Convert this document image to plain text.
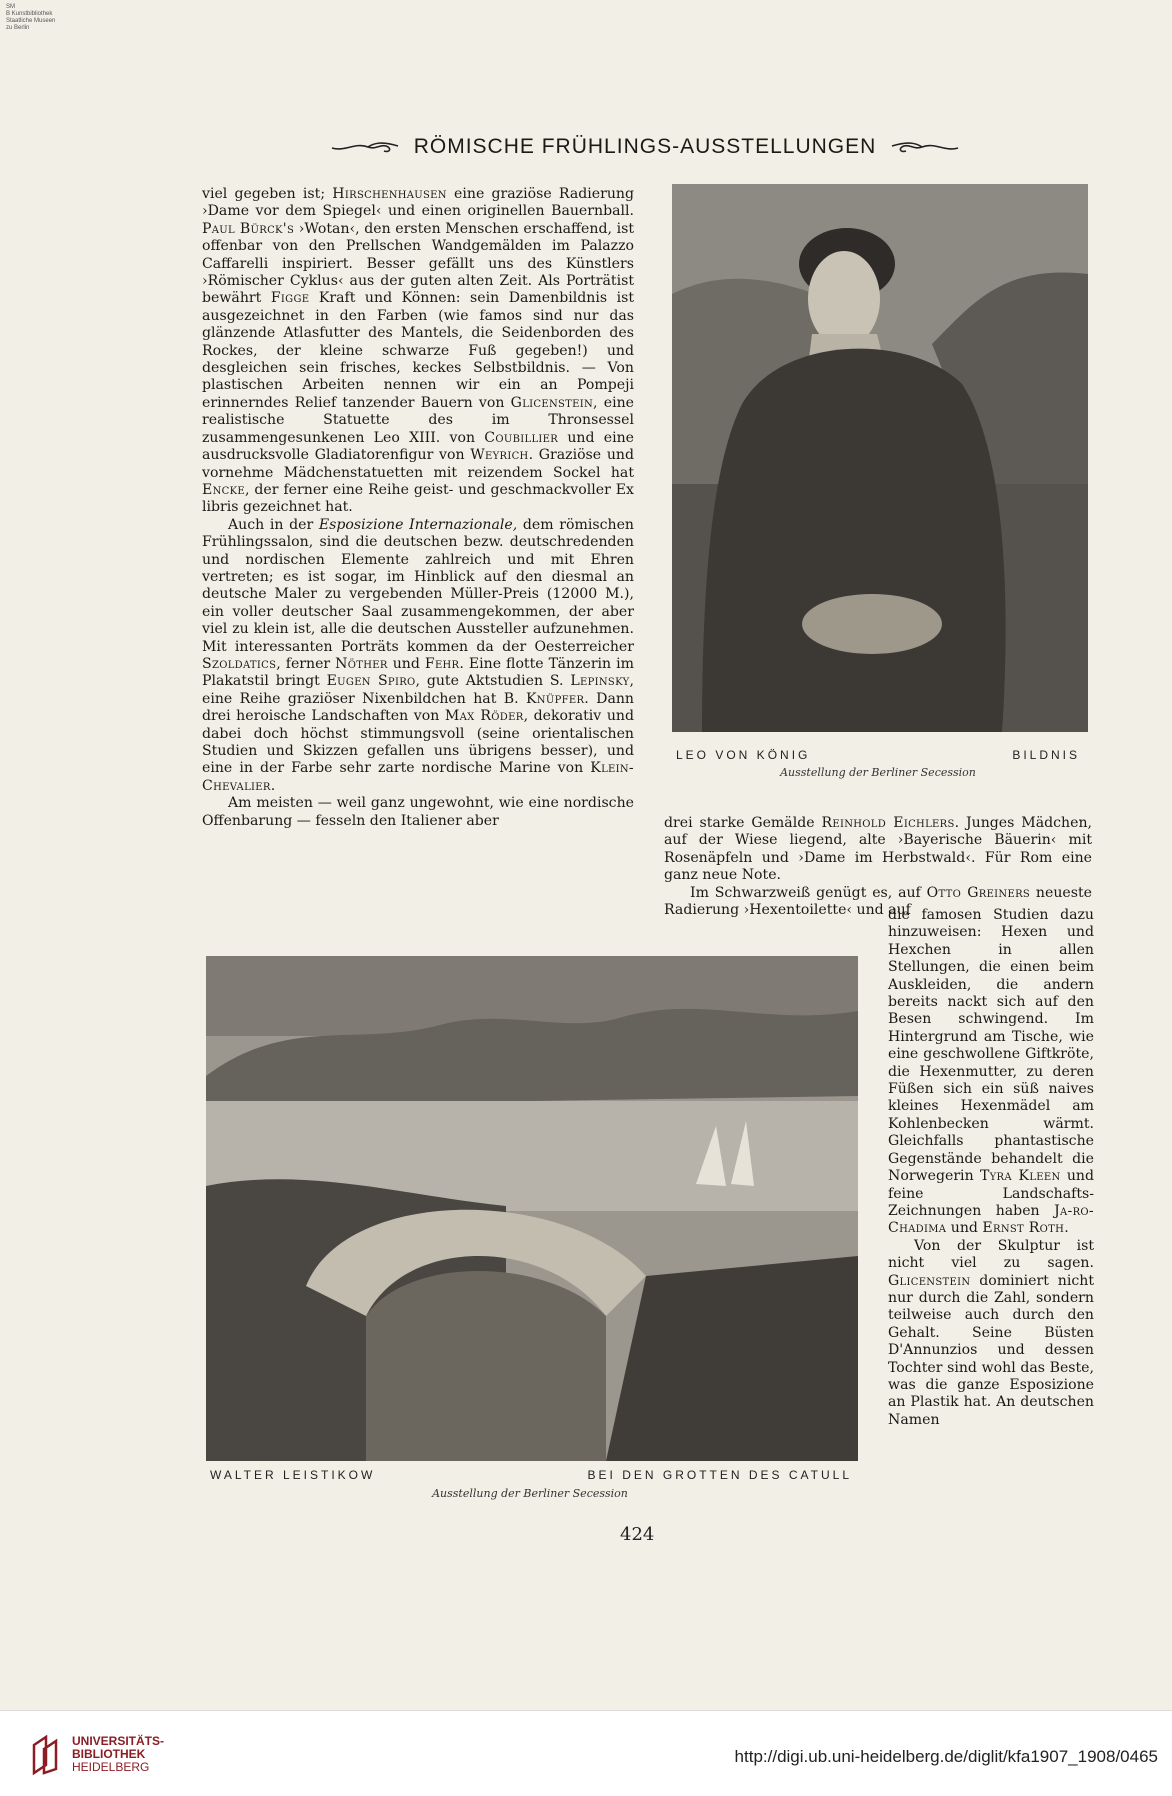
SM
B Kunstbibliothek
Staatliche Museen
zu Berlin
RÖMISCHE FRÜHLINGS-AUSSTELLUNGEN

viel gegeben ist; Hirschenhausen eine graziöse Radierung ›Dame vor dem Spiegel‹ und einen originellen Bauernball. Paul Bürck's ›Wotan‹, den ersten Menschen erschaffend, ist offenbar von den Prellschen Wandgemälden im Palazzo Caffarelli inspiriert. Besser gefällt uns des Künstlers ›Römischer Cyklus‹ aus der guten alten Zeit. Als Porträtist bewährt Figge Kraft und Können: sein Damenbildnis ist ausgezeichnet in den Farben (wie famos sind nur das glänzende Atlasfutter des Mantels, die Seidenborden des Rockes, der kleine schwarze Fuß gegeben!) und desgleichen sein frisches, keckes Selbstbildnis. — Von plastischen Arbeiten nennen wir ein an Pompeji erinnerndes Relief tanzender Bauern von Glicenstein, eine realistische Statuette des im Thronsessel zusammengesunkenen Leo XIII. von Coubillier und eine ausdrucksvolle Gladiatorenfigur von Weyrich. Graziöse und vornehme Mädchenstatuetten mit reizendem Sockel hat Encke, der ferner eine Reihe geist- und geschmackvoller Ex libris gezeichnet hat.

Auch in der Esposizione Internazionale, dem römischen Frühlingssalon, sind die deutschen bezw. deutschredenden und nordischen Elemente zahlreich und mit Ehren vertreten; es ist sogar, im Hinblick auf den diesmal an deutsche Maler zu vergebenden Müller-Preis (12000 M.), ein voller deutscher Saal zusammengekommen, der aber viel zu klein ist, alle die deutschen Aussteller aufzunehmen. Mit interessanten Porträts kommen da der Oesterreicher Szoldatics, ferner Nöther und Fehr. Eine flotte Tänzerin im Plakatstil bringt Eugen Spiro, gute Aktstudien S. Lepinsky, eine Reihe graziöser Nixenbildchen hat B. Knüpfer. Dann drei heroische Landschaften von Max Röder, dekorativ und dabei doch höchst stimmungsvoll (seine orientalischen Studien und Skizzen gefallen uns übrigens besser), und eine in der Farbe sehr zarte nordische Marine von Klein-Chevalier.

Am meisten — weil ganz ungewohnt, wie eine nordische Offenbarung — fesseln den Italiener aber

LEO VON KÖNIG	BILDNIS
Ausstellung der Berliner Secession

drei starke Gemälde Reinhold Eichlers. Junges Mädchen, auf der Wiese liegend, alte ›Bayerische Bäuerin‹ mit Rosenäpfeln und ›Dame im Herbstwald‹. Für Rom eine ganz neue Note.

Im Schwarzweiß genügt es, auf Otto Greiners neueste Radierung ›Hexentoilette‹ und auf

WALTER LEISTIKOW	BEI DEN GROTTEN DES CATULL
Ausstellung der Berliner Secession

die famosen Studien dazu hinzuweisen: Hexen und Hexchen in allen Stellungen, die einen beim Auskleiden, die andern bereits nackt sich auf den Besen schwingend. Im Hintergrund am Tische, wie eine geschwollene Giftkröte, die Hexenmutter, zu deren Füßen sich ein süß naives kleines Hexenmädel am Kohlenbecken wärmt. Gleichfalls phantastische Gegenstände behandelt die Norwegerin Tyra Kleen und feine Landschafts-Zeichnungen haben Ja-ro-Chadima und Ernst Roth.

Von der Skulptur ist nicht viel zu sagen. Glicenstein dominiert nicht nur durch die Zahl, sondern teilweise auch durch den Gehalt. Seine Büsten D'Annunzios und dessen Tochter sind wohl das Beste, was die ganze Esposizione an Plastik hat. An deutschen Namen

424
UNIVERSITÄTS-
BIBLIOTHEK
HEIDELBERG
http://digi.ub.uni-heidelberg.de/diglit/kfa1907_1908/0465
